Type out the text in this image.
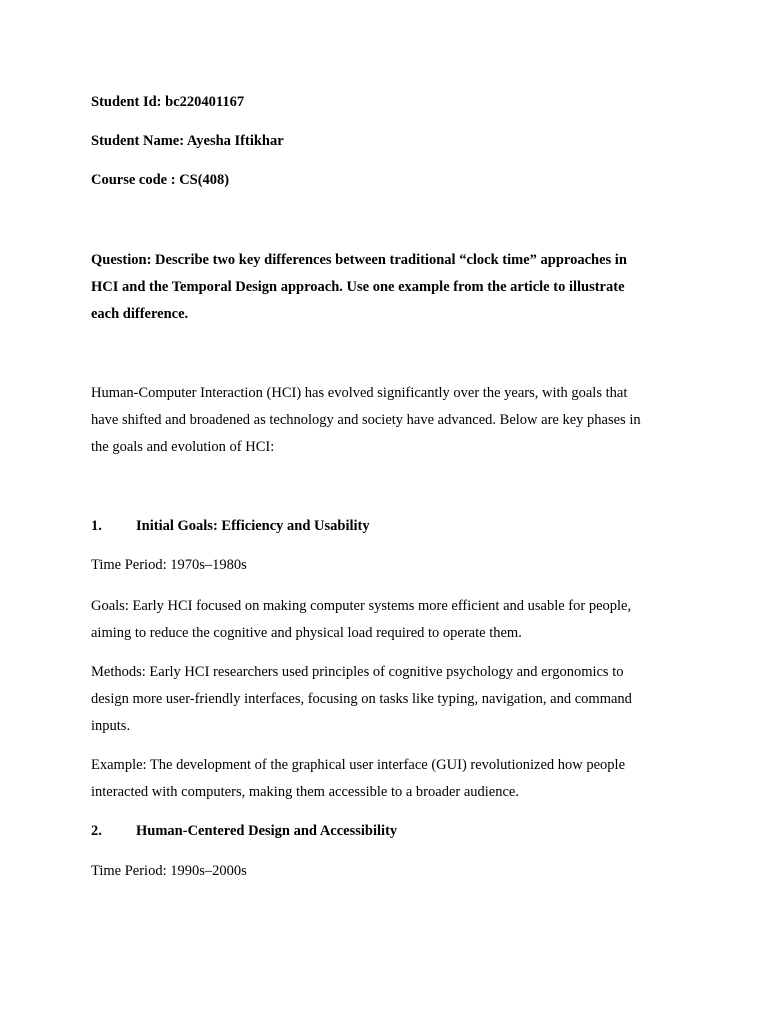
Student Id: bc220401167
Student Name: Ayesha Iftikhar
Course code : CS(408)
Question: Describe two key differences between traditional “clock time” approaches in
HCI and the Temporal Design approach. Use one example from the article to illustrate
each difference.
Human-Computer Interaction (HCI) has evolved significantly over the years, with goals that
have shifted and broadened as technology and society have advanced. Below are key phases in
the goals and evolution of HCI:
1. Initial Goals: Efficiency and Usability
Time Period: 1970s–1980s
Goals: Early HCI focused on making computer systems more efficient and usable for people,
aiming to reduce the cognitive and physical load required to operate them.
Methods: Early HCI researchers used principles of cognitive psychology and ergonomics to
design more user-friendly interfaces, focusing on tasks like typing, navigation, and command
inputs.
Example: The development of the graphical user interface (GUI) revolutionized how people
interacted with computers, making them accessible to a broader audience.
2. Human-Centered Design and Accessibility
Time Period: 1990s–2000s
